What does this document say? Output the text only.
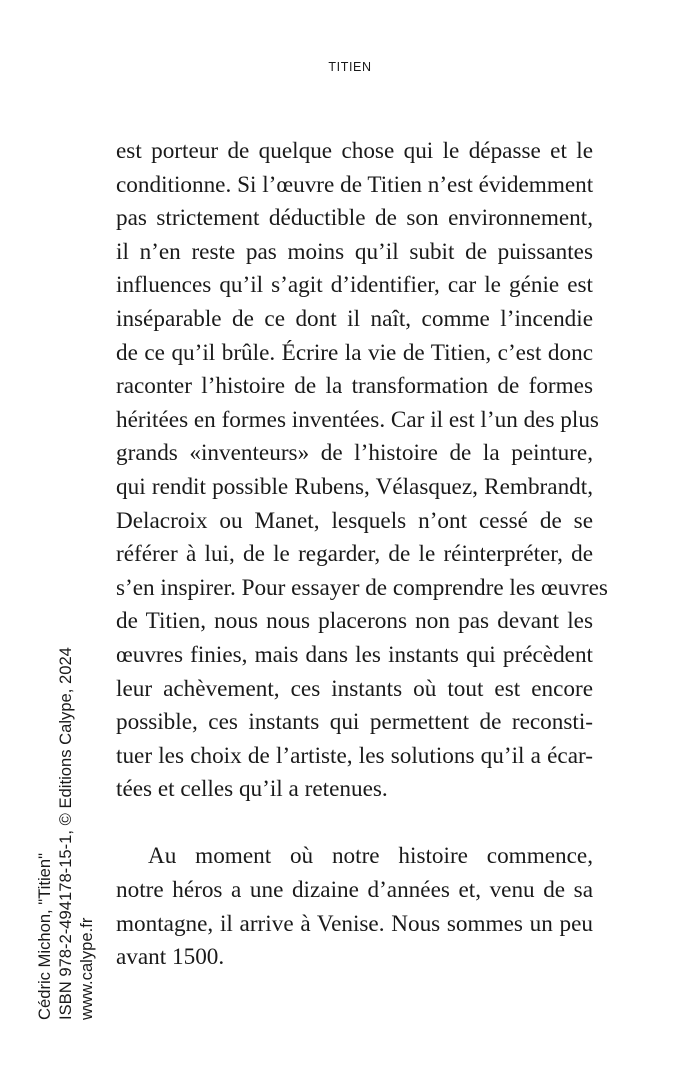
TITIEN
est porteur de quelque chose qui le dépasse et le
conditionne. Si l’œuvre de Titien n’est évidemment
pas strictement déductible de son environnement,
il n’en reste pas moins qu’il subit de puissantes
influences qu’il s’agit d’identifier, car le génie est
inséparable de ce dont il naît, comme l’incendie
de ce qu’il brûle. Écrire la vie de Titien, c’est donc
raconter l’histoire de la transformation de formes
héritées en formes inventées. Car il est l’un des plus
grands «inventeurs» de l’histoire de la peinture,
qui rendit possible Rubens, Vélasquez, Rembrandt,
Delacroix ou Manet, lesquels n’ont cessé de se
référer à lui, de le regarder, de le réinterpréter, de
s’en inspirer. Pour essayer de comprendre les œuvres
de Titien, nous nous placerons non pas devant les
œuvres finies, mais dans les instants qui précèdent
leur achèvement, ces instants où tout est encore
possible, ces instants qui permettent de reconsti-
tuer les choix de l’artiste, les solutions qu’il a écar-
tées et celles qu’il a retenues.
Au moment où notre histoire commence,
notre héros a une dizaine d’années et, venu de sa
montagne, il arrive à Venise. Nous sommes un peu
avant 1500.
Cédric Michon, "Titien" ISBN 978-2-494178-15-1, © Editions Calype, 2024 www.calype.fr
